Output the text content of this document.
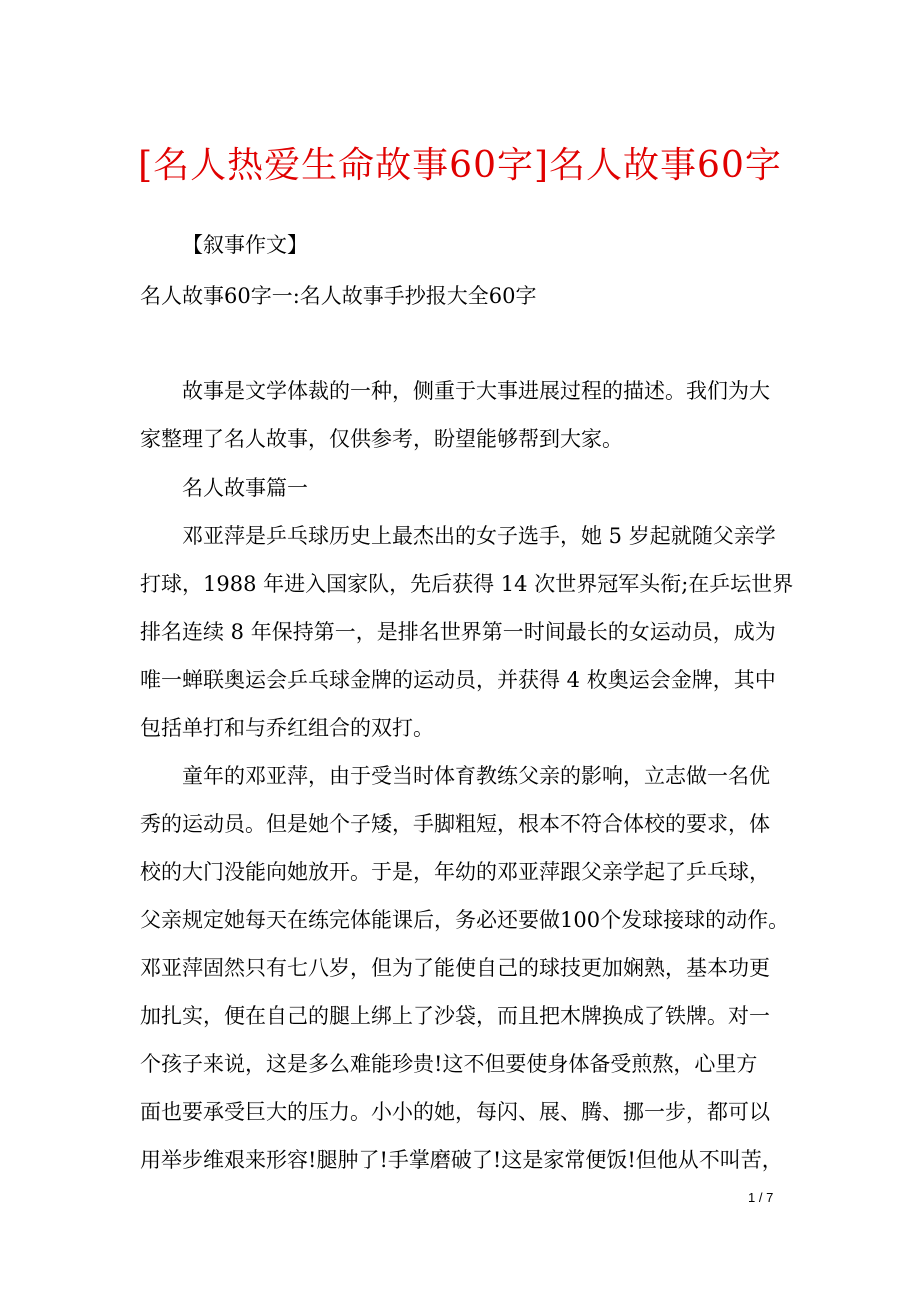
[名人热爱生命故事60字]名人故事60字
【叙事作文】
名人故事60字一:名人故事手抄报大全60字
故事是文学体裁的一种，侧重于大事进展过程的描述。我们为大
家整理了名人故事，仅供参考，盼望能够帮到大家。
名人故事篇一
邓亚萍是乒乓球历史上最杰出的女子选手，她 5 岁起就随父亲学
打球，1988 年进入国家队，先后获得 14 次世界冠军头衔;在乒坛世界
排名连续 8 年保持第一，是排名世界第一时间最长的女运动员，成为
唯一蝉联奥运会乒乓球金牌的运动员，并获得 4 枚奥运会金牌，其中
包括单打和与乔红组合的双打。
童年的邓亚萍，由于受当时体育教练父亲的影响，立志做一名优
秀的运动员。但是她个子矮，手脚粗短，根本不符合体校的要求，体
校的大门没能向她放开。于是，年幼的邓亚萍跟父亲学起了乒乓球，
父亲规定她每天在练完体能课后，务必还要做100个发球接球的动作。
邓亚萍固然只有七八岁，但为了能使自己的球技更加娴熟，基本功更
加扎实，便在自己的腿上绑上了沙袋，而且把木牌换成了铁牌。对一
个孩子来说，这是多么难能珍贵!这不但要使身体备受煎熬，心里方
面也要承受巨大的压力。小小的她，每闪、展、腾、挪一步，都可以
用举步维艰来形容!腿肿了!手掌磨破了!这是家常便饭!但他从不叫苦，
1 / 7
